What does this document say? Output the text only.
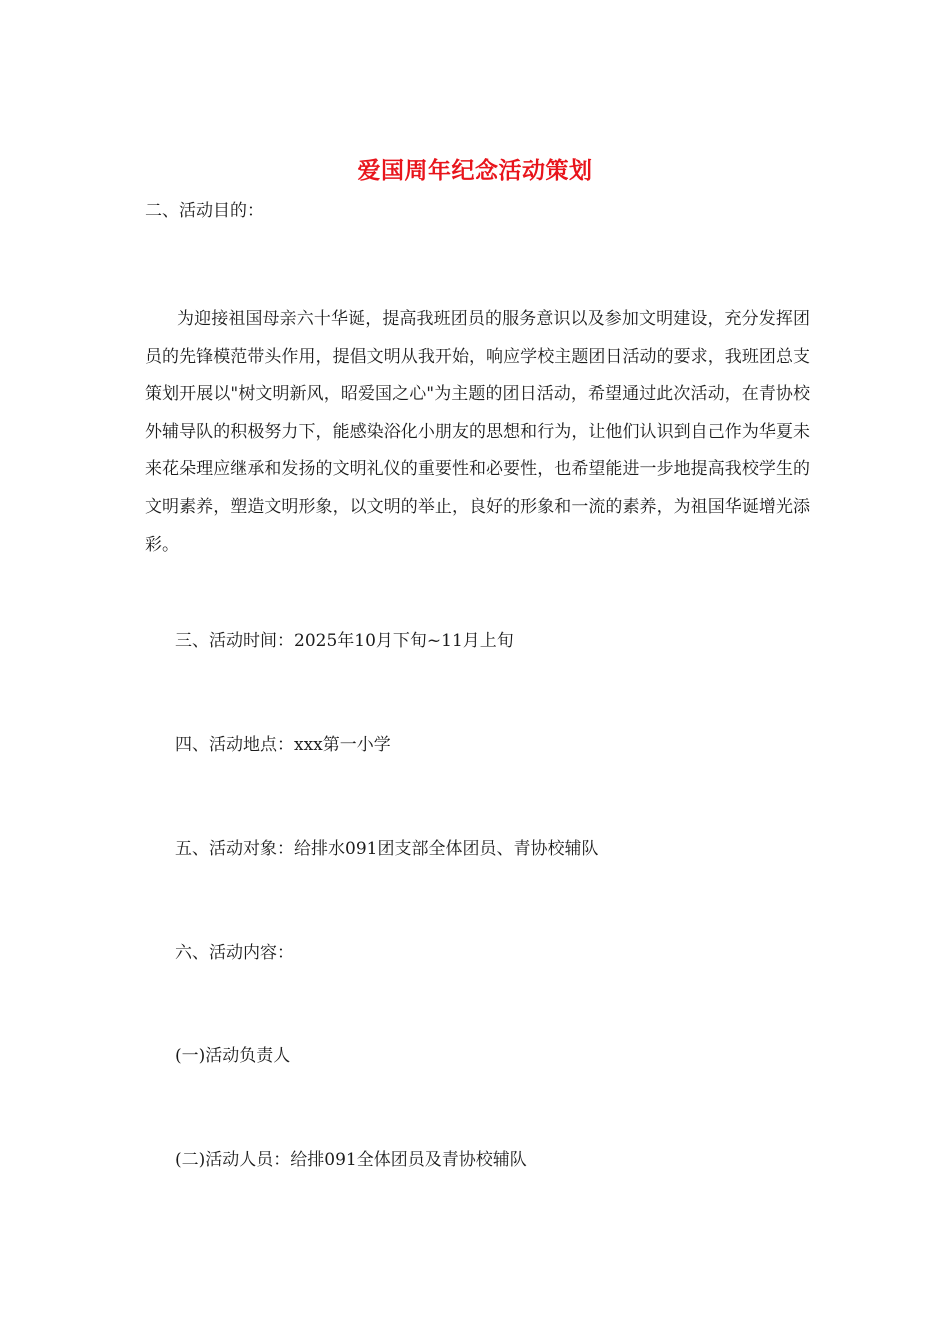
爱国周年纪念活动策划
二、活动目的：
为迎接祖国母亲六十华诞，提高我班团员的服务意识以及参加文明建设，充分发挥团员的先锋模范带头作用，提倡文明从我开始，响应学校主题团日活动的要求，我班团总支策划开展以"树文明新风，昭爱国之心"为主题的团日活动，希望通过此次活动，在青协校外辅导队的积极努力下，能感染浴化小朋友的思想和行为，让他们认识到自己作为华夏未来花朵理应继承和发扬的文明礼仪的重要性和必要性，也希望能进一步地提高我校学生的文明素养，塑造文明形象，以文明的举止，良好的形象和一流的素养，为祖国华诞增光添彩。
三、活动时间：2025年10月下旬~11月上旬
四、活动地点：xxx第一小学
五、活动对象：给排水091团支部全体团员、青协校辅队
六、活动内容：
(一)活动负责人
(二)活动人员：给排091全体团员及青协校辅队
